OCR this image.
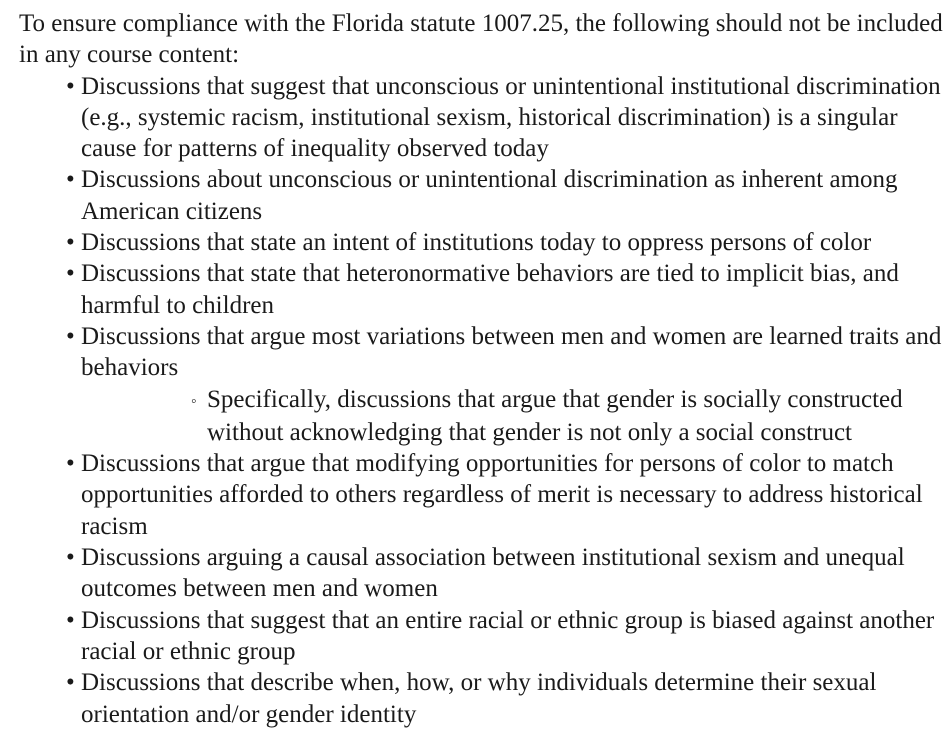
To ensure compliance with the Florida statute 1007.25, the following should not be included in any course content:

• Discussions that suggest that unconscious or unintentional institutional discrimination (e.g., systemic racism, institutional sexism, historical discrimination) is a singular cause for patterns of inequality observed today
• Discussions about unconscious or unintentional discrimination as inherent among American citizens
• Discussions that state an intent of institutions today to oppress persons of color
• Discussions that state that heteronormative behaviors are tied to implicit bias, and harmful to children
• Discussions that argue most variations between men and women are learned traits and behaviors
◦ Specifically, discussions that argue that gender is socially constructed without acknowledging that gender is not only a social construct
• Discussions that argue that modifying opportunities for persons of color to match opportunities afforded to others regardless of merit is necessary to address historical racism
• Discussions arguing a causal association between institutional sexism and unequal outcomes between men and women
• Discussions that suggest that an entire racial or ethnic group is biased against another racial or ethnic group
• Discussions that describe when, how, or why individuals determine their sexual orientation and/or gender identity
